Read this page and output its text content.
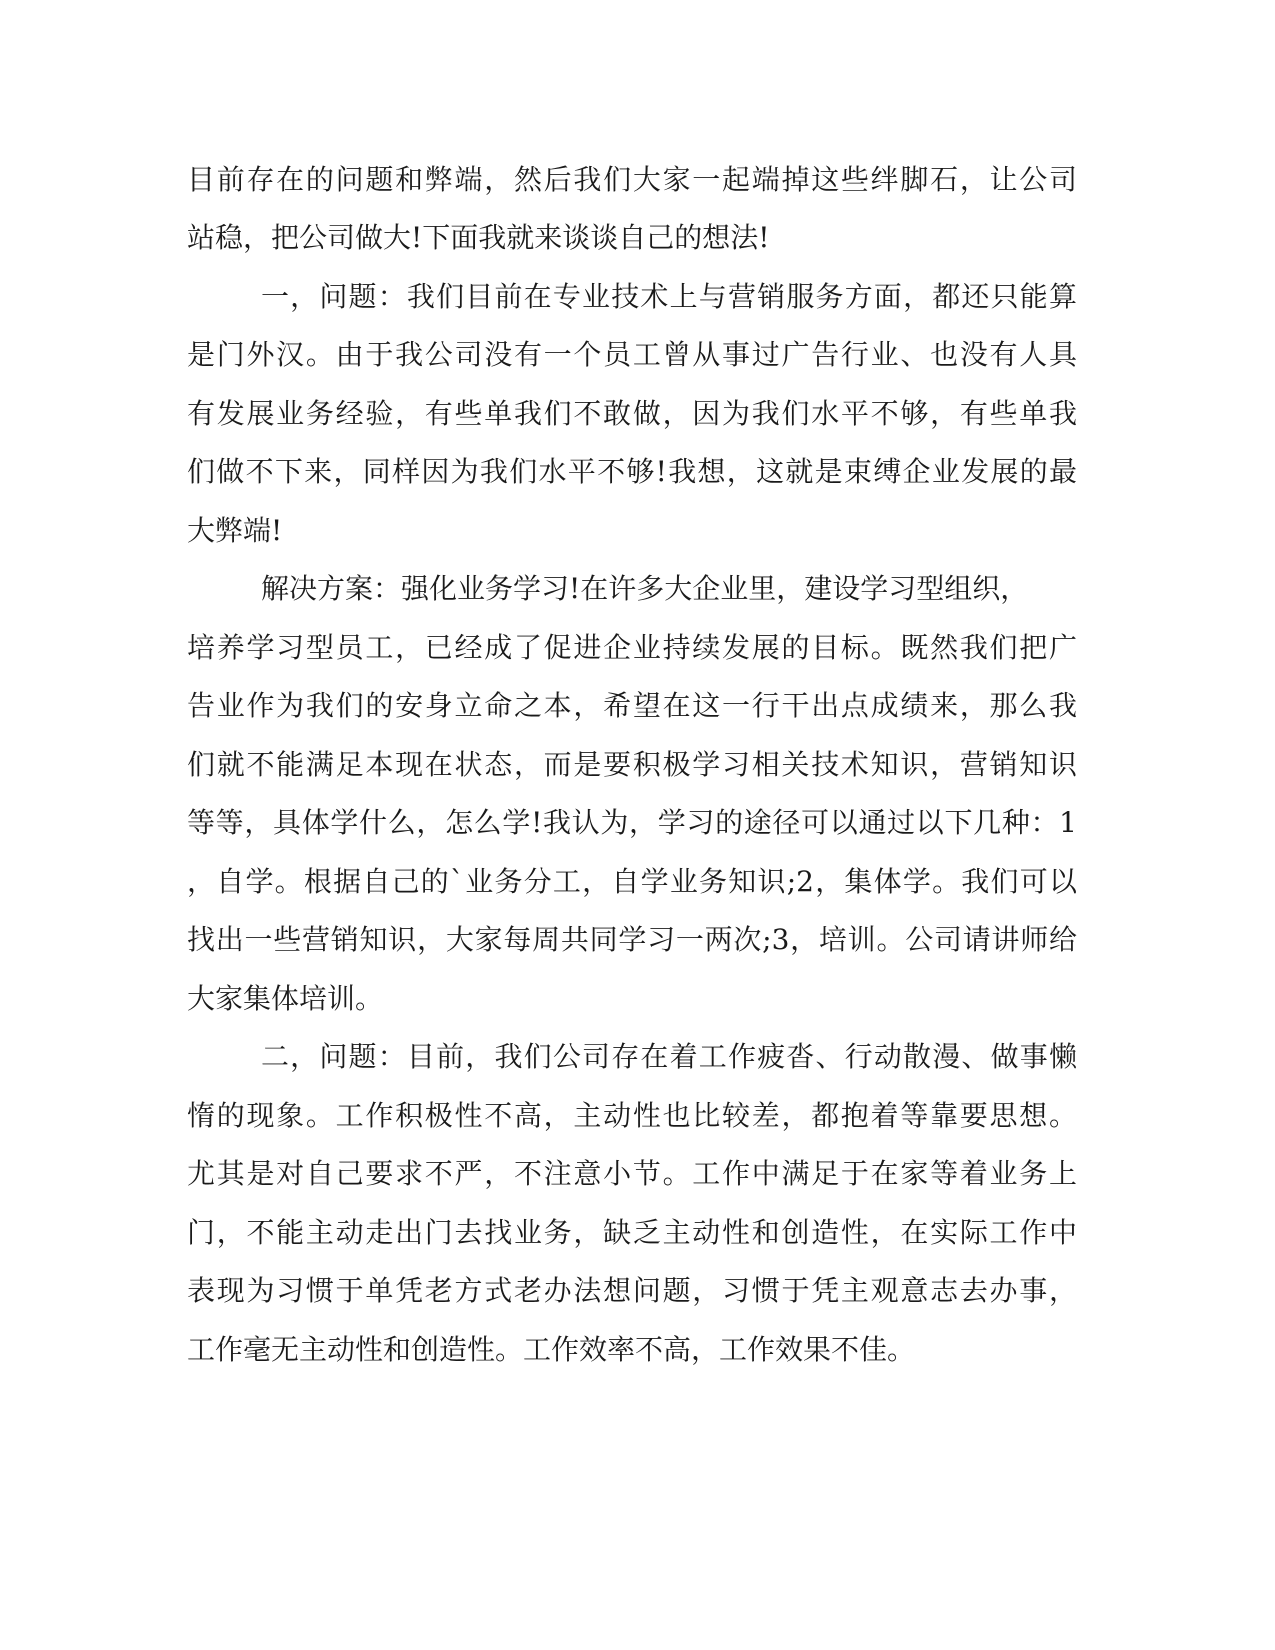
目前存在的问题和弊端，然后我们大家一起端掉这些绊脚石，让公司
站稳，把公司做大!下面我就来谈谈自己的想法!
一，问题：我们目前在专业技术上与营销服务方面，都还只能算
是门外汉。由于我公司没有一个员工曾从事过广告行业、也没有人具
有发展业务经验，有些单我们不敢做，因为我们水平不够，有些单我
们做不下来，同样因为我们水平不够!我想，这就是束缚企业发展的最
大弊端!
解决方案：强化业务学习!在许多大企业里，建设学习型组织，
培养学习型员工，已经成了促进企业持续发展的目标。既然我们把广
告业作为我们的安身立命之本，希望在这一行干出点成绩来，那么我
们就不能满足本现在状态，而是要积极学习相关技术知识，营销知识
等等，具体学什么，怎么学!我认为，学习的途径可以通过以下几种：1
，自学。根据自己的`业务分工，自学业务知识;2，集体学。我们可以
找出一些营销知识，大家每周共同学习一两次;3，培训。公司请讲师给
大家集体培训。
二，问题：目前，我们公司存在着工作疲沓、行动散漫、做事懒
惰的现象。工作积极性不高，主动性也比较差，都抱着等靠要思想。
尤其是对自己要求不严，不注意小节。工作中满足于在家等着业务上
门，不能主动走出门去找业务，缺乏主动性和创造性，在实际工作中
表现为习惯于单凭老方式老办法想问题，习惯于凭主观意志去办事，
工作毫无主动性和创造性。工作效率不高，工作效果不佳。
